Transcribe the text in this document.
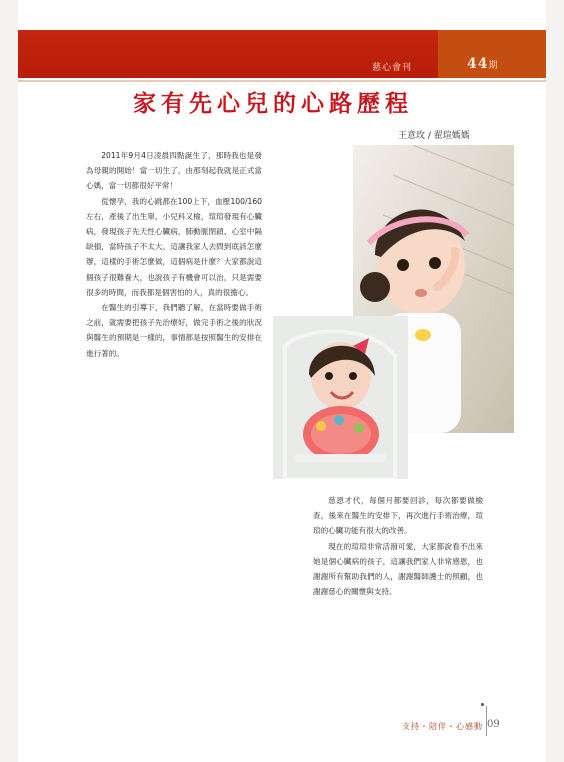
慈心會刊	44期
家有先心兒的心路歷程
王意玫 / 翟瑄媽媽

2011年9月4日凌晨四點誕生了，那時我也是發為母親的開始！當一切生了，由那刻起我就是正式當心媽，當一切都很好平常！

從懷孕，我的心跳都在100上下，血壓100/160左右，產後了出生單，小兒科又檢，瑄瑄發現有心臟病，發現孩子先天性心臟病，肺動脈閉鎖、心室中隔缺損，當時孩子不太大。這讓我家人去問到底該怎麼辦，這樣的手術怎麼做，這個病是什麼？大家都說這個孩子很難養大，也說孩子有機會可以治，只是需要很多的時間，而我都是個害怕的人，真的很擔心。

在醫生的引導下，我們聽了解，在當時要做手術之前，就需要把孩子先治療好，做完手術之後的狀況與醫生的預期是一樣的，事情都是按照醫生的安排在進行著的。

慈恩才代，每個月都要回診，每次都要做檢查，後來在醫生的安排下，再次進行手術治療，瑄瑄的心臟功能有很大的改善。

現在的瑄瑄非常活潑可愛，大家都說看不出來她是個心臟病的孩子，這讓我們家人非常感恩，也謝謝所有幫助我們的人，謝謝醫師護士的照顧，也謝謝慈心的關懷與支持。

支持・陪伴・心感動 09
